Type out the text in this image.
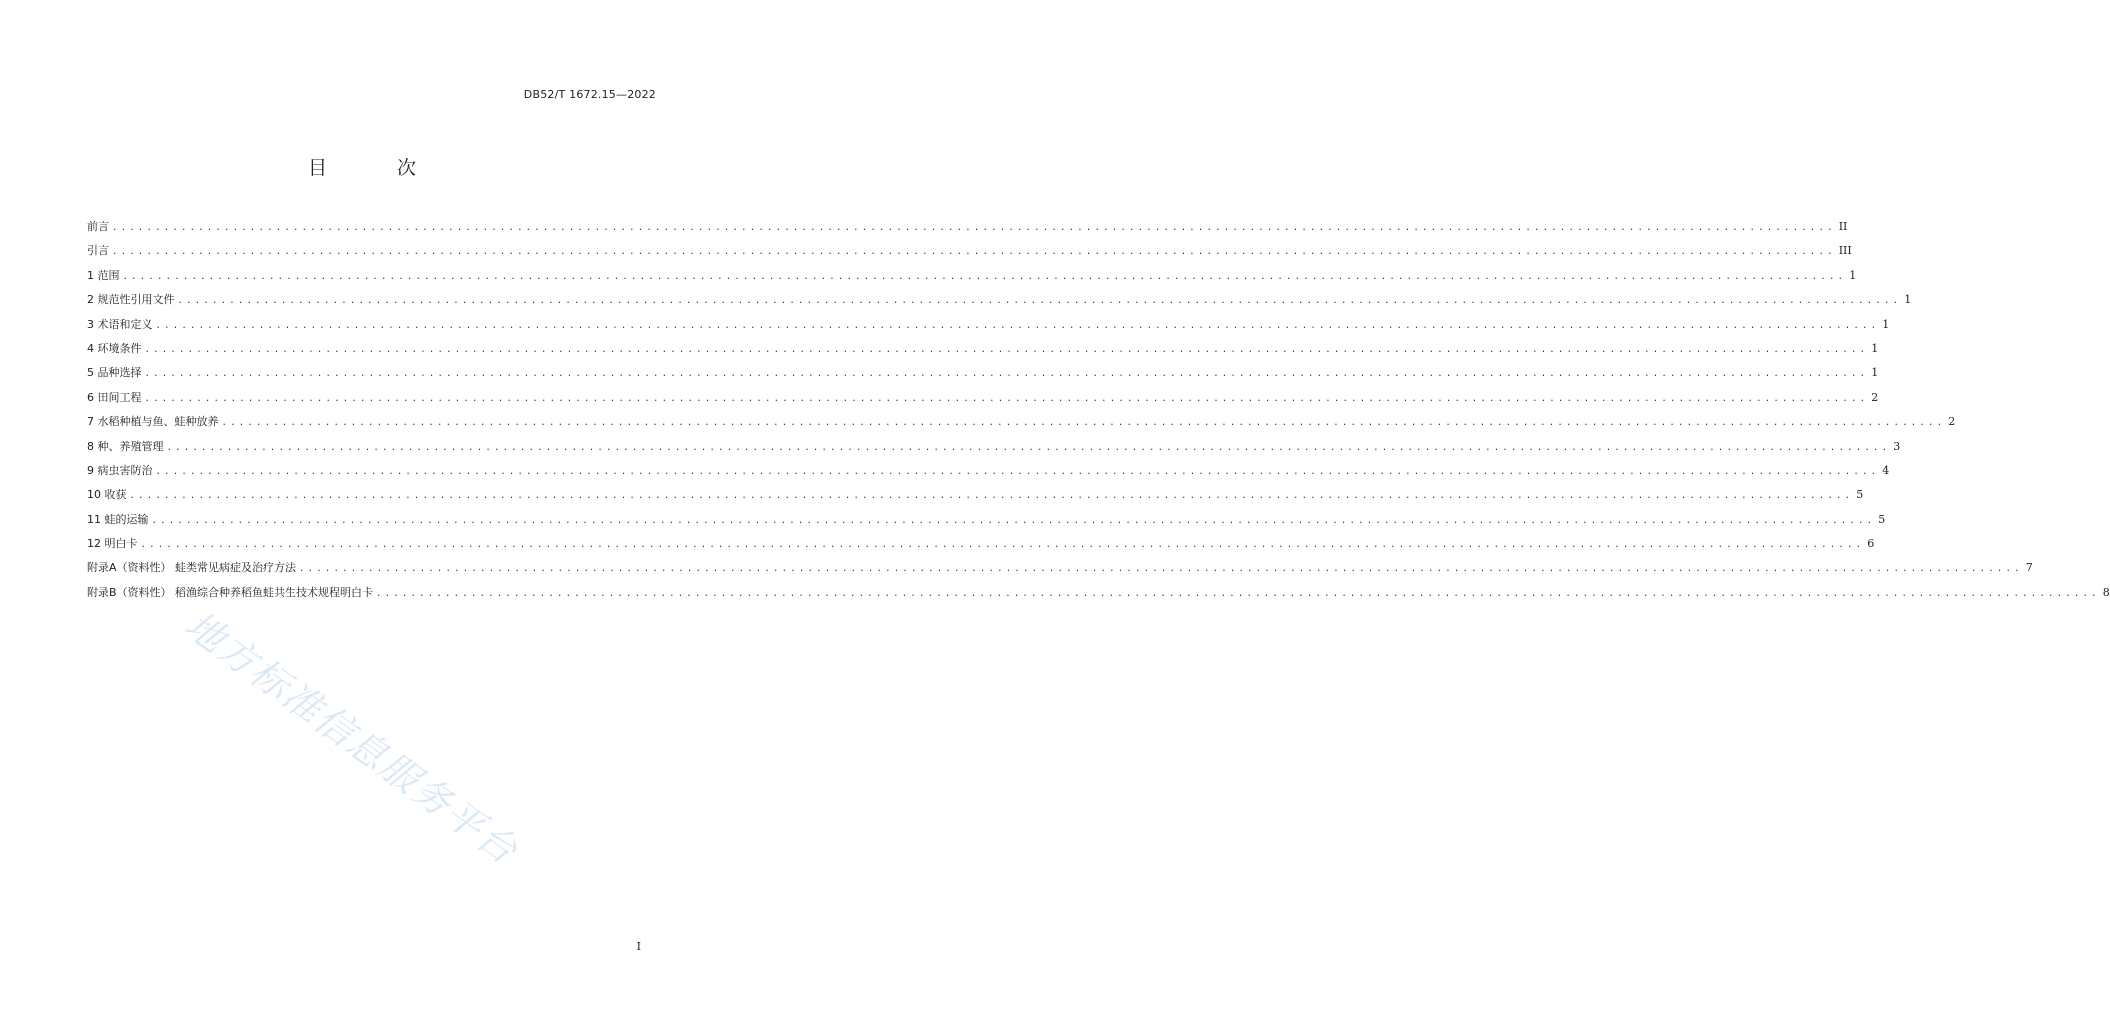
DB52/T 1672.15—2022
目 次
前言 ........................................................................................................................................................................................................ II
引言 ........................................................................................................................................................................................................ III
1 范围 ........................................................................................................................................................................................................ 1
2 规范性引用文件 ........................................................................................................................................................................................................ 1
3 术语和定义 ........................................................................................................................................................................................................ 1
4 环境条件 ........................................................................................................................................................................................................ 1
5 品种选择 ........................................................................................................................................................................................................ 1
6 田间工程 ........................................................................................................................................................................................................ 2
7 水稻种植与鱼、蛙种放养 ........................................................................................................................................................................................................ 2
8 种、养殖管理 ........................................................................................................................................................................................................ 3
9 病虫害防治 ........................................................................................................................................................................................................ 4
10 收获 ........................................................................................................................................................................................................ 5
11 蛙的运输 ........................................................................................................................................................................................................ 5
12 明白卡 ........................................................................................................................................................................................................ 6
附录A（资料性） 蛙类常见病症及治疗方法 ........................................................................................................................................................................................................ 7
附录B（资料性） 稻渔综合种养稻鱼蛙共生技术规程明白卡 ........................................................................................................................................................................................................ 8
地方标准信息服务平台
I
